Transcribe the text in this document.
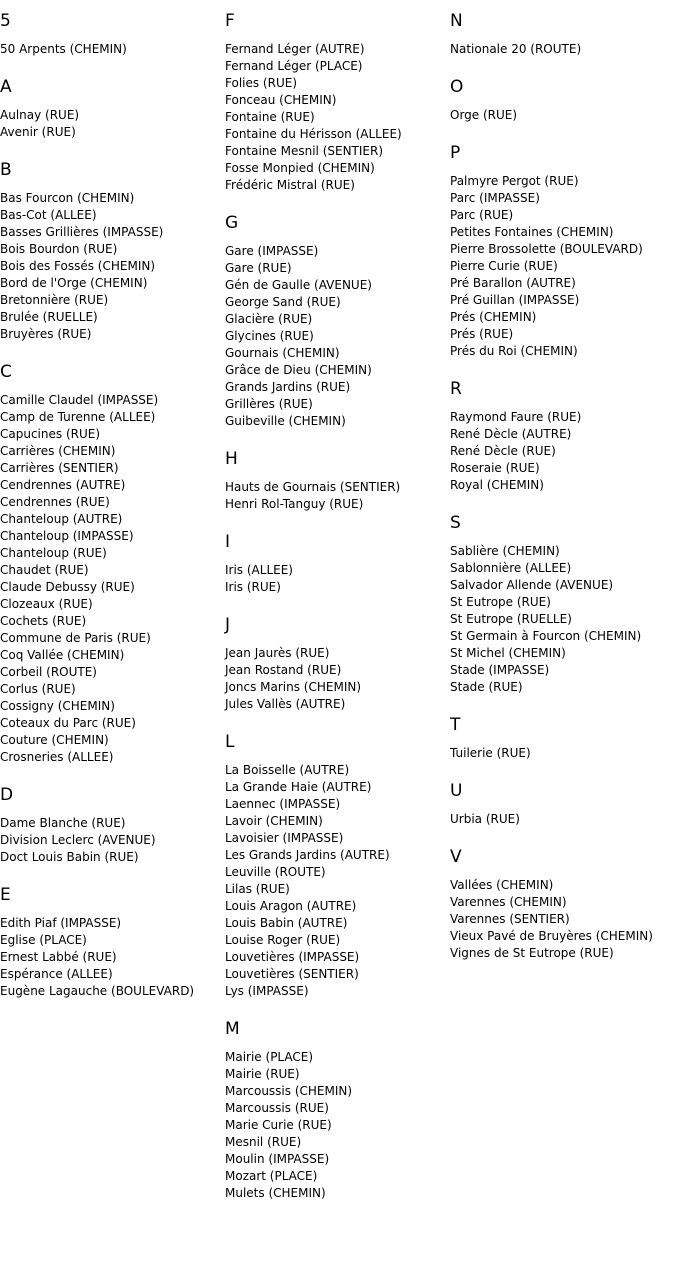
5
50 Arpents (CHEMIN)
A
Aulnay (RUE)
Avenir (RUE)
B
Bas Fourcon (CHEMIN)
Bas-Cot (ALLEE)
Basses Grillières (IMPASSE)
Bois Bourdon (RUE)
Bois des Fossés (CHEMIN)
Bord de l'Orge (CHEMIN)
Bretonnière (RUE)
Brulée (RUELLE)
Bruyères (RUE)
C
Camille Claudel (IMPASSE)
Camp de Turenne (ALLEE)
Capucines (RUE)
Carrières (CHEMIN)
Carrières (SENTIER)
Cendrennes (AUTRE)
Cendrennes (RUE)
Chanteloup (AUTRE)
Chanteloup (IMPASSE)
Chanteloup (RUE)
Chaudet (RUE)
Claude Debussy (RUE)
Clozeaux (RUE)
Cochets (RUE)
Commune de Paris (RUE)
Coq Vallée (CHEMIN)
Corbeil (ROUTE)
Corlus (RUE)
Cossigny (CHEMIN)
Coteaux du Parc (RUE)
Couture (CHEMIN)
Crosneries (ALLEE)
D
Dame Blanche (RUE)
Division Leclerc (AVENUE)
Doct Louis Babin (RUE)
E
Edith Piaf (IMPASSE)
Eglise (PLACE)
Ernest Labbé (RUE)
Espérance (ALLEE)
Eugène Lagauche (BOULEVARD)
F
Fernand Léger (AUTRE)
Fernand Léger (PLACE)
Folies (RUE)
Fonceau (CHEMIN)
Fontaine (RUE)
Fontaine du Hérisson (ALLEE)
Fontaine Mesnil (SENTIER)
Fosse Monpied (CHEMIN)
Frédéric Mistral (RUE)
G
Gare (IMPASSE)
Gare (RUE)
Gén de Gaulle (AVENUE)
George Sand (RUE)
Glacière (RUE)
Glycines (RUE)
Gournais (CHEMIN)
Grâce de Dieu (CHEMIN)
Grands Jardins (RUE)
Grillères (RUE)
Guibeville (CHEMIN)
H
Hauts de Gournais (SENTIER)
Henri Rol-Tanguy (RUE)
I
Iris (ALLEE)
Iris (RUE)
J
Jean Jaurès (RUE)
Jean Rostand (RUE)
Joncs Marins (CHEMIN)
Jules Vallès (AUTRE)
L
La Boisselle (AUTRE)
La Grande Haie (AUTRE)
Laennec (IMPASSE)
Lavoir (CHEMIN)
Lavoisier (IMPASSE)
Les Grands Jardins (AUTRE)
Leuville (ROUTE)
Lilas (RUE)
Louis Aragon (AUTRE)
Louis Babin (AUTRE)
Louise Roger (RUE)
Louvetières (IMPASSE)
Louvetières (SENTIER)
Lys (IMPASSE)
M
Mairie (PLACE)
Mairie (RUE)
Marcoussis (CHEMIN)
Marcoussis (RUE)
Marie Curie (RUE)
Mesnil (RUE)
Moulin (IMPASSE)
Mozart (PLACE)
Mulets (CHEMIN)
N
Nationale 20 (ROUTE)
O
Orge (RUE)
P
Palmyre Pergot (RUE)
Parc (IMPASSE)
Parc (RUE)
Petites Fontaines (CHEMIN)
Pierre Brossolette (BOULEVARD)
Pierre Curie (RUE)
Pré Barallon (AUTRE)
Pré Guillan (IMPASSE)
Prés (CHEMIN)
Prés (RUE)
Prés du Roi (CHEMIN)
R
Raymond Faure (RUE)
René Dècle (AUTRE)
René Dècle (RUE)
Roseraie (RUE)
Royal (CHEMIN)
S
Sablière (CHEMIN)
Sablonnière (ALLEE)
Salvador Allende (AVENUE)
St Eutrope (RUE)
St Eutrope (RUELLE)
St Germain à Fourcon (CHEMIN)
St Michel (CHEMIN)
Stade (IMPASSE)
Stade (RUE)
T
Tuilerie (RUE)
U
Urbia (RUE)
V
Vallées (CHEMIN)
Varennes (CHEMIN)
Varennes (SENTIER)
Vieux Pavé de Bruyères (CHEMIN)
Vignes de St Eutrope (RUE)
